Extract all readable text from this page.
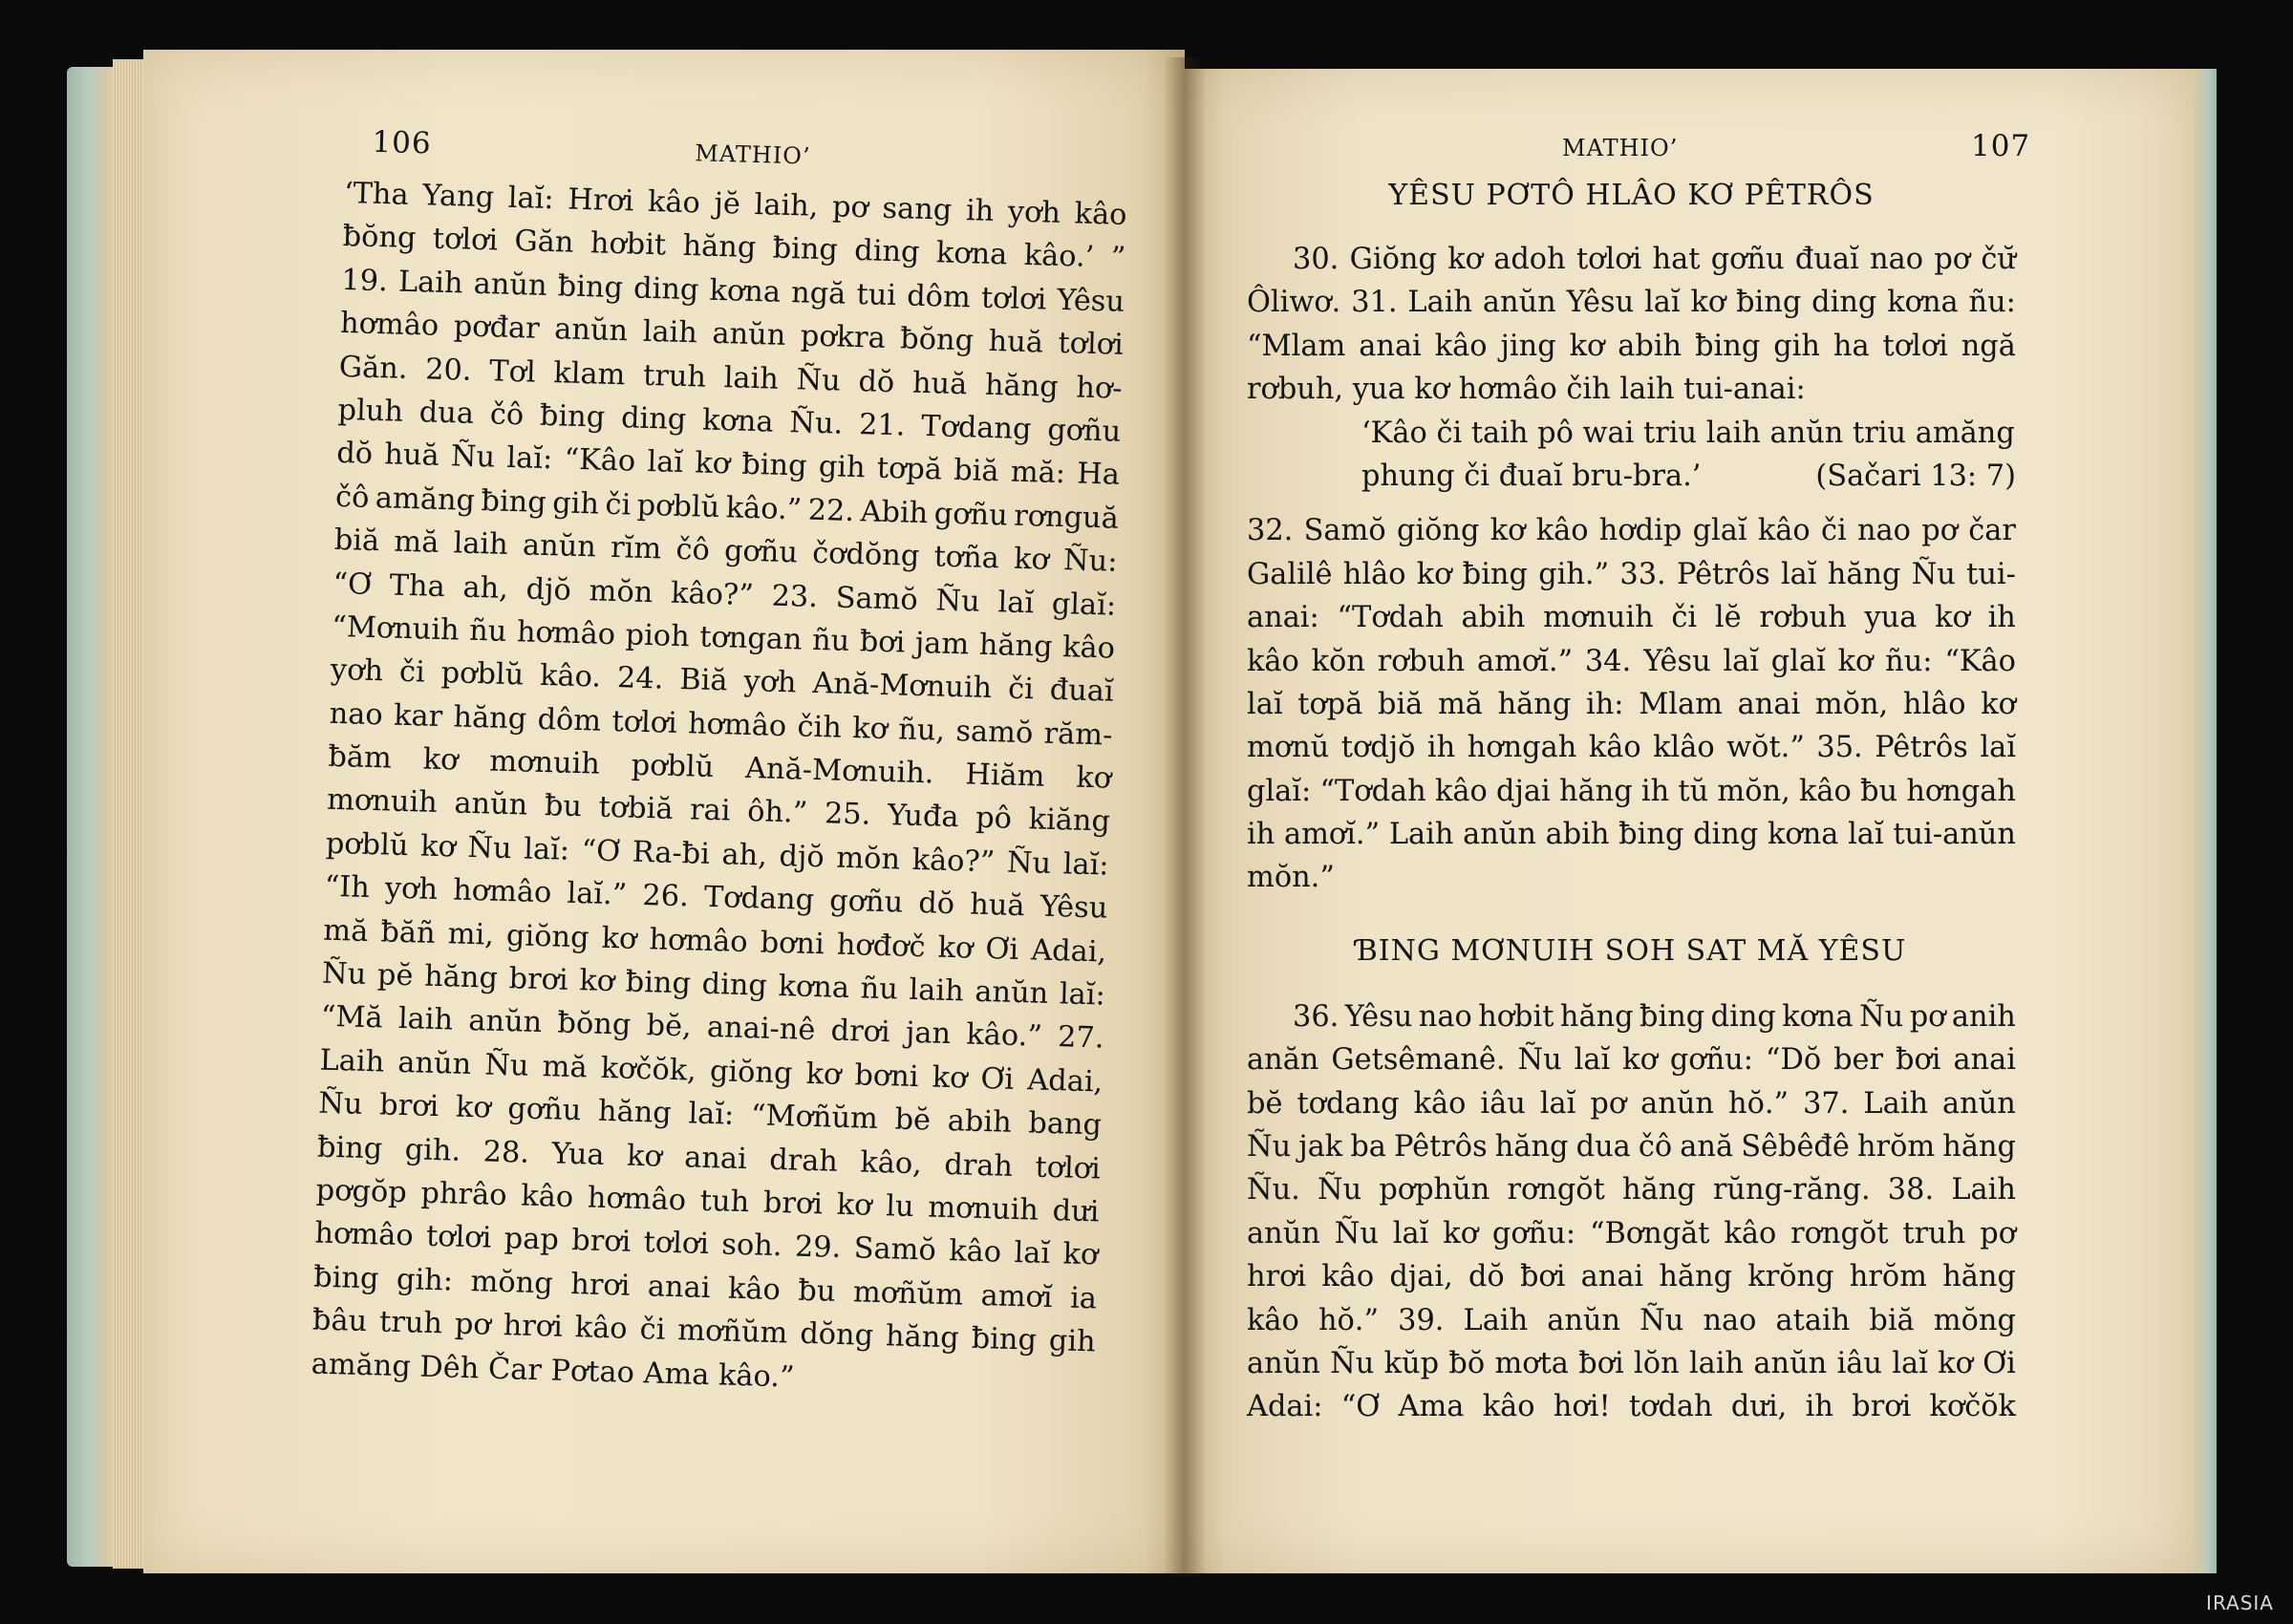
106	MATHIO’
‘Tha Yang laĭ: Hrơi kâo jĕ laih, pơ sang ih yơh kâo
ƀŏng tơlơi Găn hơbit hăng ƀing ding kơna kâo.’ ”
19. Laih anŭn ƀing ding kơna ngă tui dôm tơlơi Yêsu
hơmâo pơđar anŭn laih anŭn pơkra ƀŏng huă tơlơi
Găn. 20. Tơl klam truh laih Ñu dŏ huă hăng hơ-
pluh dua čô ƀing ding kơna Ñu. 21. Tơdang gơñu
dŏ huă Ñu laĭ: “Kâo laĭ kơ ƀing gih tơpă biă mă: Ha
čô amăng ƀing gih či pơblŭ kâo.” 22. Abih gơñu rơnguă
biă mă laih anŭn rĭm čô gơñu čơdŏng tơña kơ Ñu:
“Ơ Tha ah, djŏ mŏn kâo?” 23. Samŏ Ñu laĭ glaĭ:
“Mơnuih ñu hơmâo pioh tơngan ñu ƀơi jam hăng kâo
yơh či pơblŭ kâo. 24. Biă yơh Ană-Mơnuih či đuaĭ
nao kar hăng dôm tơlơi hơmâo čih kơ ñu, samŏ răm-
ƀăm kơ mơnuih pơblŭ Ană-Mơnuih. Hiăm kơ
mơnuih anŭn ƀu tơbiă rai ôh.” 25. Yuđa pô kiăng
pơblŭ kơ Ñu laĭ: “Ơ Ra-ƀi ah, djŏ mŏn kâo?” Ñu laĭ:
“Ih yơh hơmâo laĭ.” 26. Tơdang gơñu dŏ huă Yêsu
mă ƀăñ mi, giŏng kơ hơmâo bơni hơđơč kơ Ơi Adai,
Ñu pĕ hăng brơi kơ ƀing ding kơna ñu laih anŭn laĭ:
“Mă laih anŭn ƀŏng bĕ, anai-nê drơi jan kâo.” 27.
Laih anŭn Ñu mă kơčŏk, giŏng kơ bơni kơ Ơi Adai,
Ñu brơi kơ gơñu hăng laĭ: “Mơñŭm bĕ abih bang
ƀing gih. 28. Yua kơ anai drah kâo, drah tơlơi
pơgŏp phrâo kâo hơmâo tuh brơi kơ lu mơnuih dưi
hơmâo tơlơi pap brơi tơlơi soh. 29. Samŏ kâo laĭ kơ
ƀing gih: mŏng hrơi anai kâo ƀu mơñŭm amơĭ ia
ƀâu truh pơ hrơi kâo či mơñŭm dŏng hăng ƀing gih
amăng Dêh Čar Pơtao Ama kâo.”
MATHIO’	107
YÊSU PƠTÔ HLÂO KƠ PÊTRÔS
30. Giŏng kơ adoh tơlơi hat gơñu đuaĭ nao pơ čư̆
Ôliwơ. 31. Laih anŭn Yêsu laĭ kơ ƀing ding kơna ñu:
“Mlam anai kâo jing kơ abih ƀing gih ha tơlơi ngă
rơbuh, yua kơ hơmâo čih laih tui-anai:
‘Kâo či taih pô wai triu laih anŭn triu amăng
phung či đuaĭ bru-bra.’	(Sačari 13: 7)
32. Samŏ giŏng kơ kâo hơdip glaĭ kâo či nao pơ čar
Galilê hlâo kơ ƀing gih.” 33. Pêtrôs laĭ hăng Ñu tui-
anai: “Tơdah abih mơnuih či lĕ rơbuh yua kơ ih
kâo kŏn rơbuh amơĭ.” 34. Yêsu laĭ glaĭ kơ ñu: “Kâo
laĭ tơpă biă mă hăng ih: Mlam anai mŏn, hlâo kơ
mơnŭ tơdjŏ ih hơngah kâo klâo wŏt.” 35. Pêtrôs laĭ
glaĭ: “Tơdah kâo djai hăng ih tŭ mŏn, kâo ƀu hơngah
ih amơĭ.” Laih anŭn abih ƀing ding kơna laĭ tui-anŭn
mŏn.”
ƁING MƠNUIH SOH SAT MĂ YÊSU
36. Yêsu nao hơbit hăng ƀing ding kơna Ñu pơ anih
anăn Getsêmanê. Ñu laĭ kơ gơñu: “Dŏ ber ƀơi anai
bĕ tơdang kâo iâu laĭ pơ anŭn hŏ.” 37. Laih anŭn
Ñu jak ba Pêtrôs hăng dua čô ană Sêbêđê hrŏm hăng
Ñu. Ñu pơphŭn rơngŏt hăng rŭng-răng. 38. Laih
anŭn Ñu laĭ kơ gơñu: “Bơngăt kâo rơngŏt truh pơ
hrơi kâo djai, dŏ ƀơi anai hăng krŏng hrŏm hăng
kâo hŏ.” 39. Laih anŭn Ñu nao ataih biă mŏng
anŭn Ñu kŭp ƀŏ mơta ƀơi lŏn laih anŭn iâu laĭ kơ Ơi
Adai: “Ơ Ama kâo hơi! tơdah dưi, ih brơi kơčŏk
IRASIA
